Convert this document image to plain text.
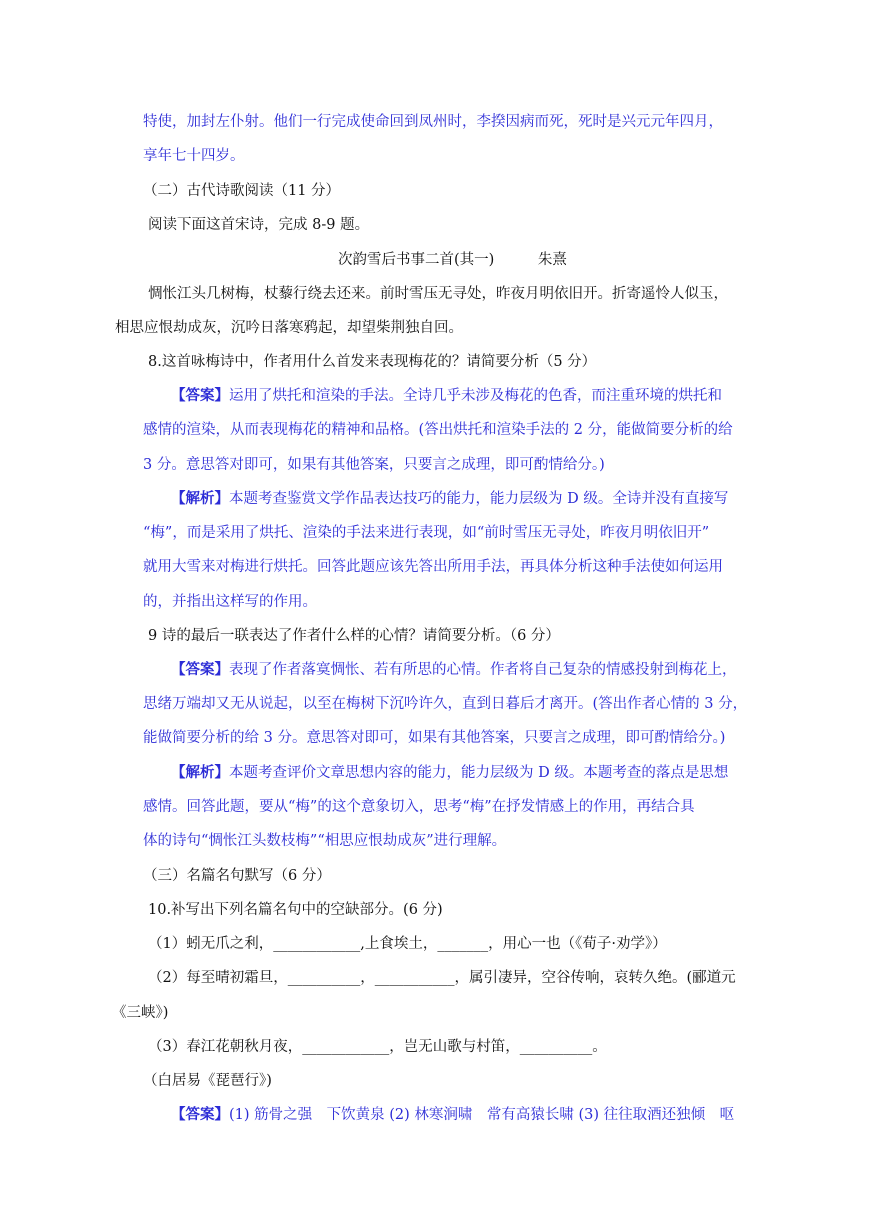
特使，加封左仆射。他们一行完成使命回到凤州时，李揆因病而死，死时是兴元元年四月，
享年七十四岁。
（二）古代诗歌阅读（11 分）
阅读下面这首宋诗，完成 8-9 题。
次韵雪后书事二首(其一)　　　朱熹
惆怅江头几树梅，杖藜行绕去还来。前时雪压无寻处，昨夜月明依旧开。折寄遥怜人似玉，
相思应恨劫成灰，沉吟日落寒鸦起，却望柴荆独自回。
8.这首咏梅诗中，作者用什么首发来表现梅花的？请简要分析（5 分）
【答案】运用了烘托和渲染的手法。全诗几乎未涉及梅花的色香，而注重环境的烘托和
感情的渲染，从而表现梅花的精神和品格。(答出烘托和渲染手法的 2 分，能做简要分析的给
3 分。意思答对即可，如果有其他答案，只要言之成理，即可酌情给分。)
【解析】本题考查鉴赏文学作品表达技巧的能力，能力层级为 D 级。全诗并没有直接写
“梅”，而是采用了烘托、渲染的手法来进行表现，如“前时雪压无寻处，昨夜月明依旧开”
就用大雪来对梅进行烘托。回答此题应该先答出所用手法，再具体分析这种手法使如何运用
的，并指出这样写的作用。
9 诗的最后一联表达了作者什么样的心情？请简要分析。（6 分）
【答案】表现了作者落寞惆怅、若有所思的心情。作者将自己复杂的情感投射到梅花上，
思绪万端却又无从说起，以至在梅树下沉吟许久，直到日暮后才离开。(答出作者心情的 3 分，
能做简要分析的给 3 分。意思答对即可，如果有其他答案，只要言之成理，即可酌情给分。)
【解析】本题考查评价文章思想内容的能力，能力层级为 D 级。本题考查的落点是思想
感情。回答此题，要从“梅”的这个意象切入，思考“梅”在抒发情感上的作用，再结合具
体的诗句“惆怅江头数枝梅”“相思应恨劫成灰”进行理解。
（三）名篇名句默写（6 分）
10.补写出下列名篇名句中的空缺部分。(6 分)
（1）蚓无爪之利，____________,上食埃土，_______，用心一也（《荀子·劝学》）
（2）每至晴初霜旦，__________，___________，属引凄异，空谷传响，哀转久绝。(郦道元
《三峡》)
（3）春江花朝秋月夜，____________，岂无山歌与村笛，__________。
（白居易《琵琶行》)
【答案】(1) 筋骨之强　下饮黄泉 (2) 林寒涧啸　常有高猿长啸 (3) 往往取酒还独倾　呕
